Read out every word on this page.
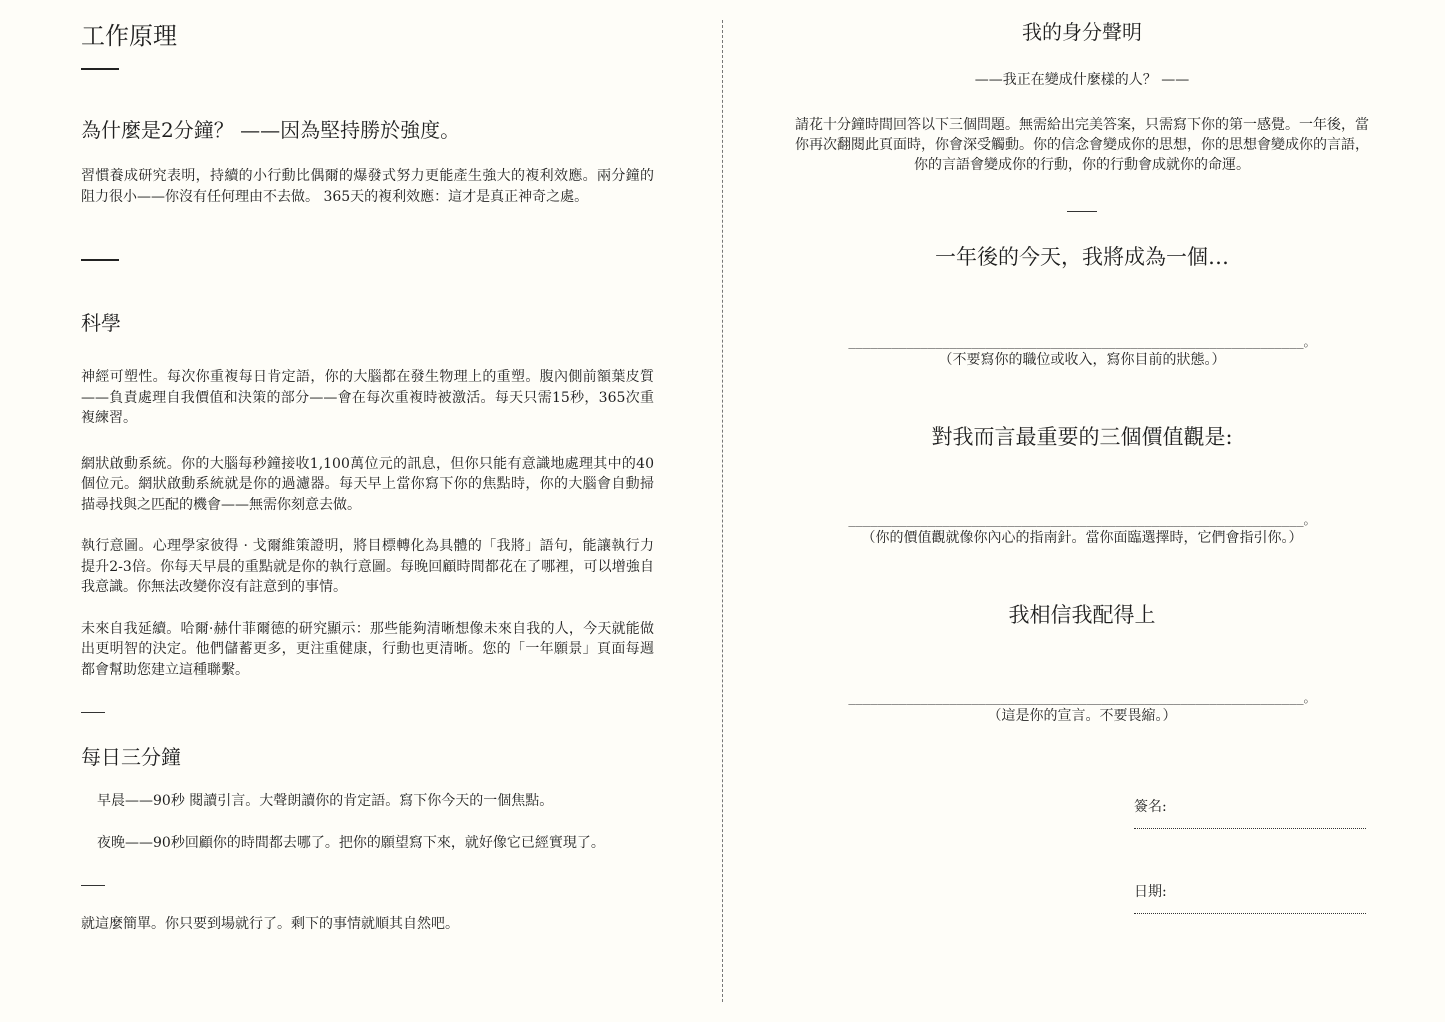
工作原理
為什麼是2分鐘？ ——因為堅持勝於強度。

習慣養成研究表明，持續的小行動比偶爾的爆發式努力更能產生強大的複利效應。兩分鐘的阻力很小——你沒有任何理由不去做。 365天的複利效應：這才是真正神奇之處。

科學

神經可塑性。每次你重複每日肯定語，你的大腦都在發生物理上的重塑。腹內側前額葉皮質——負責處理自我價值和決策的部分——會在每次重複時被激活。每天只需15秒，365次重複練習。

網狀啟動系統。你的大腦每秒鐘接收1,100萬位元的訊息，但你只能有意識地處理其中的40個位元。網狀啟動系統就是你的過濾器。每天早上當你寫下你的焦點時，你的大腦會自動掃描尋找與之匹配的機會——無需你刻意去做。

執行意圖。心理學家彼得 · 戈爾維策證明，將目標轉化為具體的「我將」語句，能讓執行力提升2-3倍。你每天早晨的重點就是你的執行意圖。每晚回顧時間都花在了哪裡，可以增強自我意識。你無法改變你沒有註意到的事情。

未來自我延續。哈爾·赫什菲爾德的研究顯示：那些能夠清晰想像未來自我的人，今天就能做出更明智的決定。他們儲蓄更多，更注重健康，行動也更清晰。您的「一年願景」頁面每週都會幫助您建立這種聯繫。

每日三分鐘

早晨——90秒 閱讀引言。大聲朗讀你的肯定語。寫下你今天的一個焦點。

夜晚——90秒回顧你的時間都去哪了。把你的願望寫下來，就好像它已經實現了。

就這麼簡單。你只要到場就行了。剩下的事情就順其自然吧。

我的身分聲明
——我正在變成什麼樣的人？ ——

請花十分鐘時間回答以下三個問題。無需給出完美答案，只需寫下你的第一感覺。一年後，當你再次翻閱此頁面時，你會深受觸動。你的信念會變成你的思想，你的思想會變成你的言語，你的言語會變成你的行動，你的行動會成就你的命運。

一年後的今天，我將成為一個…
_______________________________________________________________。
（不要寫你的職位或收入，寫你目前的狀態。）
對我而言最重要的三個價值觀是:
_______________________________________________________________。
（你的價值觀就像你內心的指南針。當你面臨選擇時，它們會指引你。）
我相信我配得上
_______________________________________________________________。
（這是你的宣言。不要畏縮。）
簽名:
日期:
